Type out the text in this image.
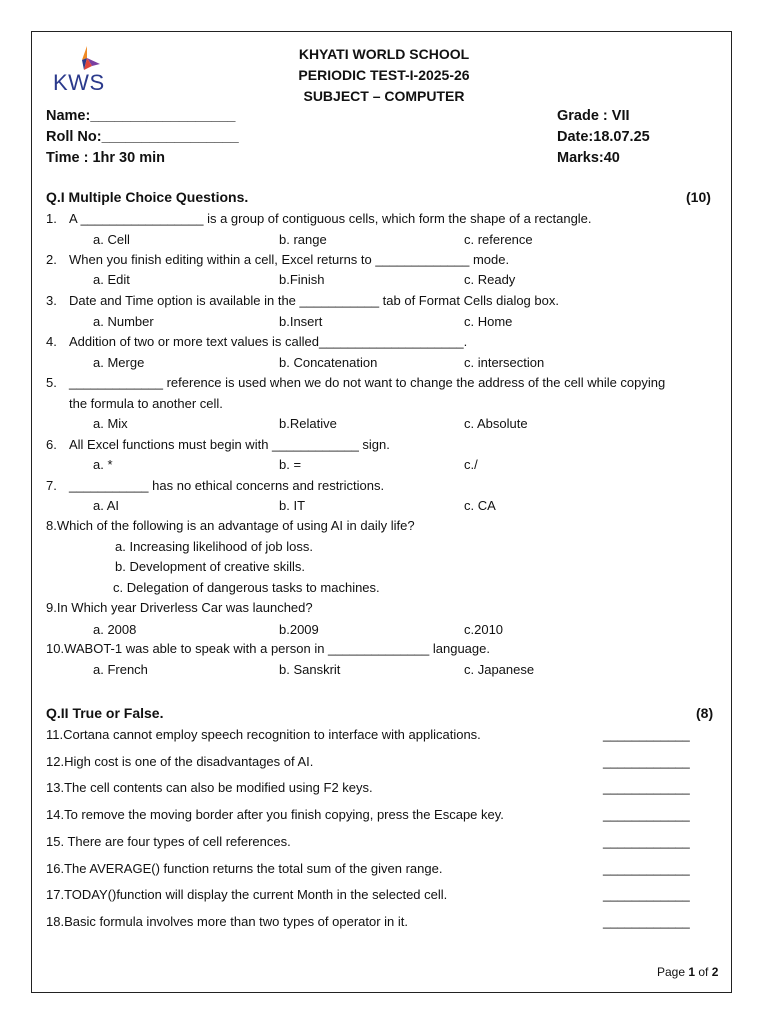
KWS
KHYATI WORLD SCHOOL
PERIODIC TEST-I-2025-26
SUBJECT – COMPUTER
Name:__________________
Roll No:_________________
Time : 1hr 30 min
Grade : VII
Date:18.07.25
Marks:40
Q.I Multiple Choice Questions.	(10)
1. A _________________ is a group of contiguous cells, which form the shape of a rectangle.
a. Cell	b. range	c. reference
2. When you finish editing within a cell, Excel returns to _____________ mode.
a. Edit	b.Finish	c. Ready
3. Date and Time option is available in the ___________ tab of Format Cells dialog box.
a. Number	b.Insert	c. Home
4. Addition of two or more text values is called____________________.
a. Merge	b. Concatenation	c. intersection
5. _____________ reference is used when we do not want to change the address of the cell while copying
the formula to another cell.
a. Mix	b.Relative	c. Absolute
6. All Excel functions must begin with ____________ sign.
a. *	b. =	c./
7. ___________ has no ethical concerns and restrictions.
a. AI	b. IT	c. CA
8.Which of the following is an advantage of using AI in daily life?
a. Increasing likelihood of job loss.
b. Development of creative skills.
c. Delegation of dangerous tasks to machines.
9.In Which year Driverless Car was launched?
a. 2008	b.2009	c.2010
10.WABOT-1 was able to speak with a person in ______________ language.
a. French	b. Sanskrit	c. Japanese
Q.II True or False.	(8)
11.Cortana cannot employ speech recognition to interface with applications.	____________
12.High cost is one of the disadvantages of AI.	____________
13.The cell contents can also be modified using F2 keys.	____________
14.To remove the moving border after you finish copying, press the Escape key.	____________
15. There are four types of cell references.	____________
16.The AVERAGE() function returns the total sum of the given range.	____________
17.TODAY()function will display the current Month in the selected cell.	____________
18.Basic formula involves more than two types of operator in it.	____________
Page 1 of 2
